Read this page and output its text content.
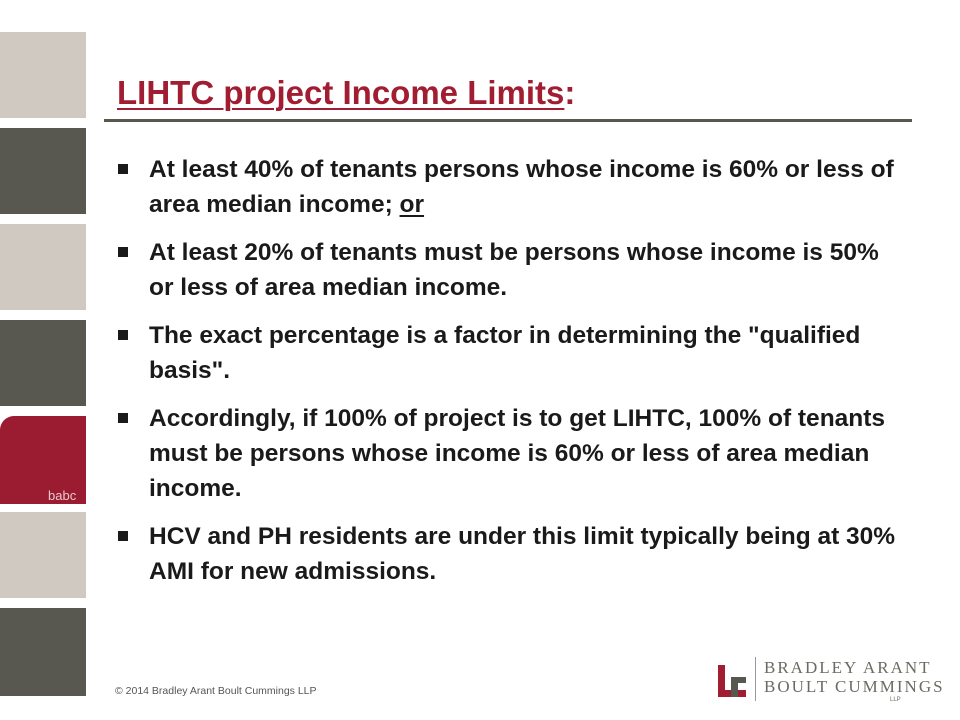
babc
LIHTC project Income Limits:
At least 40% of tenants persons whose income is 60% or less of area median income; or
At least 20% of tenants must be persons whose income is 50% or less of area median income.
The exact percentage is a factor in determining the "qualified basis".
Accordingly, if 100% of project is to get LIHTC, 100% of tenants must be persons whose income is 60% or less of area median income.
HCV and PH residents are under this limit typically being at 30% AMI for new admissions.
© 2014 Bradley Arant Boult Cummings LLP
BRADLEY ARANT
BOULT CUMMINGS
LLP
